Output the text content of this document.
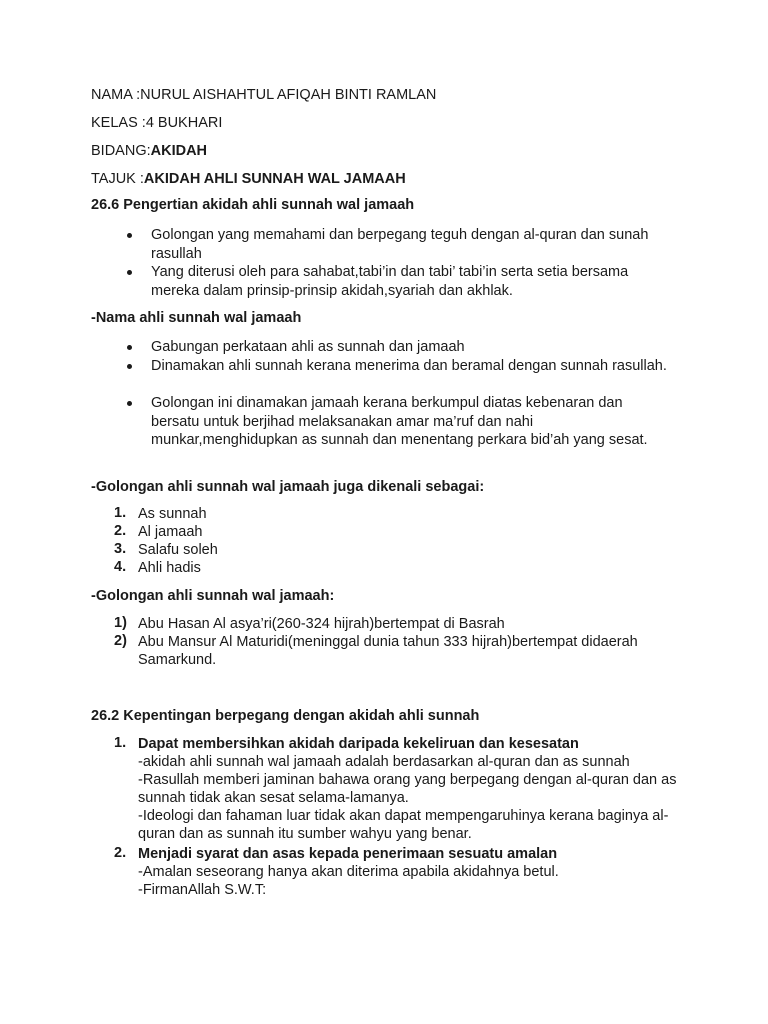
NAMA :NURUL AISHAHTUL AFIQAH BINTI RAMLAN
KELAS :4 BUKHARI
BIDANG:AKIDAH
TAJUK :AKIDAH AHLI SUNNAH WAL JAMAAH
26.6 Pengertian akidah ahli sunnah wal jamaah
Golongan yang memahami dan berpegang teguh dengan al-quran dan sunah rasullah
Yang diterusi oleh para sahabat,tabi’in dan tabi’ tabi’in serta setia bersama mereka dalam prinsip-prinsip akidah,syariah dan akhlak.
-Nama ahli sunnah wal jamaah
Gabungan perkataan ahli as sunnah dan jamaah
Dinamakan ahli sunnah kerana menerima dan beramal dengan sunnah rasullah.
Golongan ini dinamakan jamaah kerana berkumpul diatas kebenaran dan bersatu untuk berjihad melaksanakan amar ma’ruf dan nahi munkar,menghidupkan as sunnah dan menentang perkara bid’ah yang sesat.
-Golongan ahli sunnah wal jamaah juga dikenali sebagai:
1. As sunnah
2. Al jamaah
3. Salafu soleh
4. Ahli hadis
-Golongan ahli sunnah wal jamaah:
1) Abu Hasan Al asya’ri(260-324 hijrah)bertempat di Basrah
2) Abu Mansur Al Maturidi(meninggal dunia tahun 333 hijrah)bertempat didaerah Samarkund.
26.2 Kepentingan berpegang dengan akidah ahli sunnah
1. Dapat membersihkan akidah daripada kekeliruan dan kesesatan
-akidah ahli sunnah wal jamaah adalah berdasarkan al-quran dan as sunnah
-Rasullah memberi jaminan bahawa orang yang berpegang dengan al-quran dan as sunnah tidak akan sesat selama-lamanya.
-Ideologi dan fahaman luar tidak akan dapat mempengaruhinya kerana baginya al-quran dan as sunnah itu sumber wahyu yang benar.
2. Menjadi syarat dan asas kepada penerimaan sesuatu amalan
-Amalan seseorang hanya akan diterima apabila akidahnya betul.
-FirmanAllah S.W.T:
